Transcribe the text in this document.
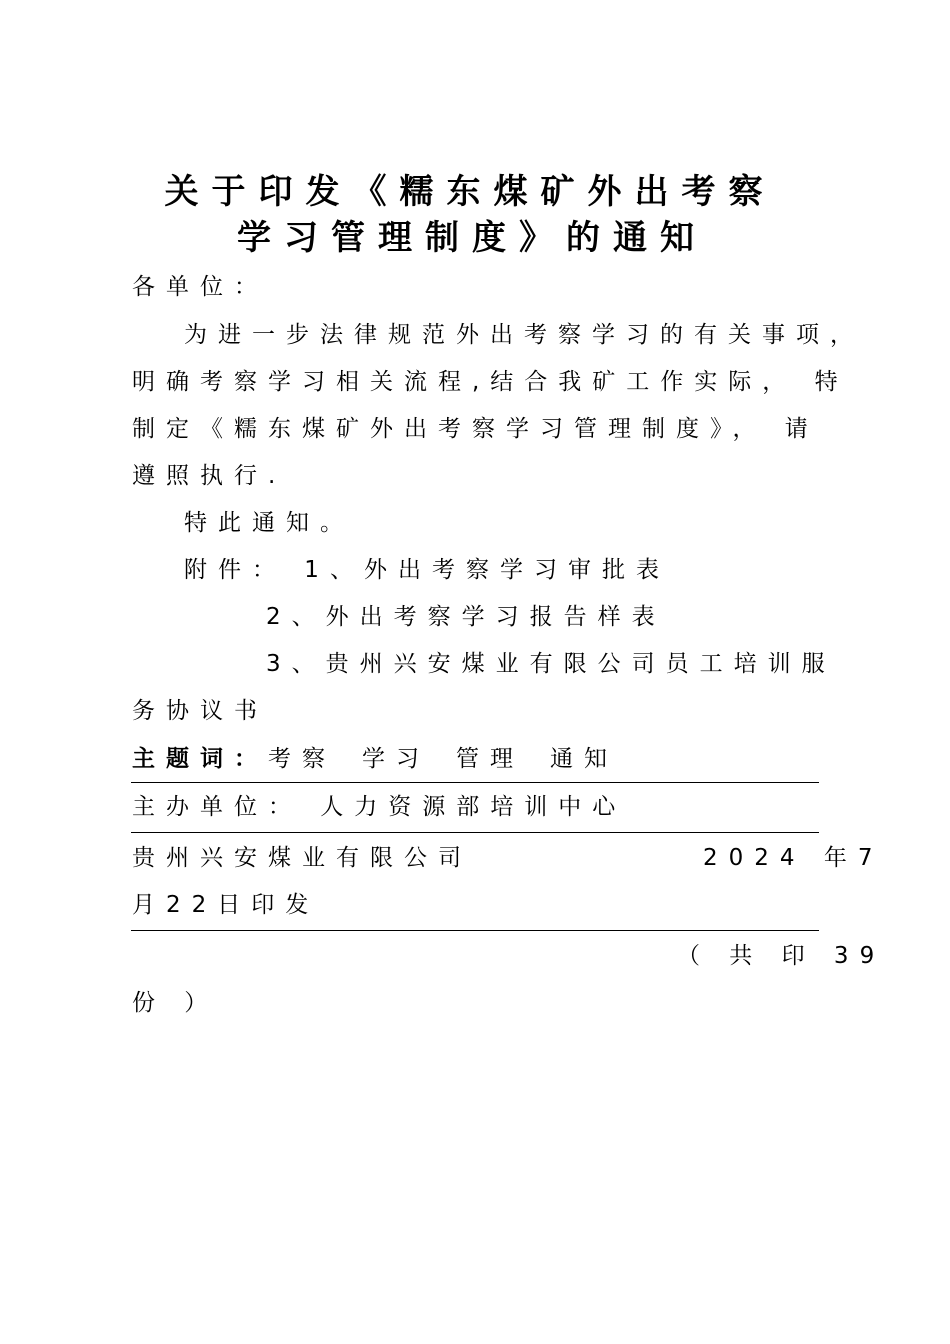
关于印发《糯东煤矿外出考察
学习管理制度》的通知
各单位：
为进一步法律规范外出考察学习的有关事项，
明确考察学习相关流程,结合我矿工作实际， 特
制定《糯东煤矿外出考察学习管理制度》， 请
遵照执行.
特此通知。
附件： 1、外出考察学习审批表
2、外出考察学习报告样表
3、贵州兴安煤业有限公司员工培训服
务协议书
主题词：考察 学习 管理 通知
主办单位： 人力资源部培训中心
贵州兴安煤业有限公司	2024 年7
月22日印发
（ 共 印 39
份 ）
